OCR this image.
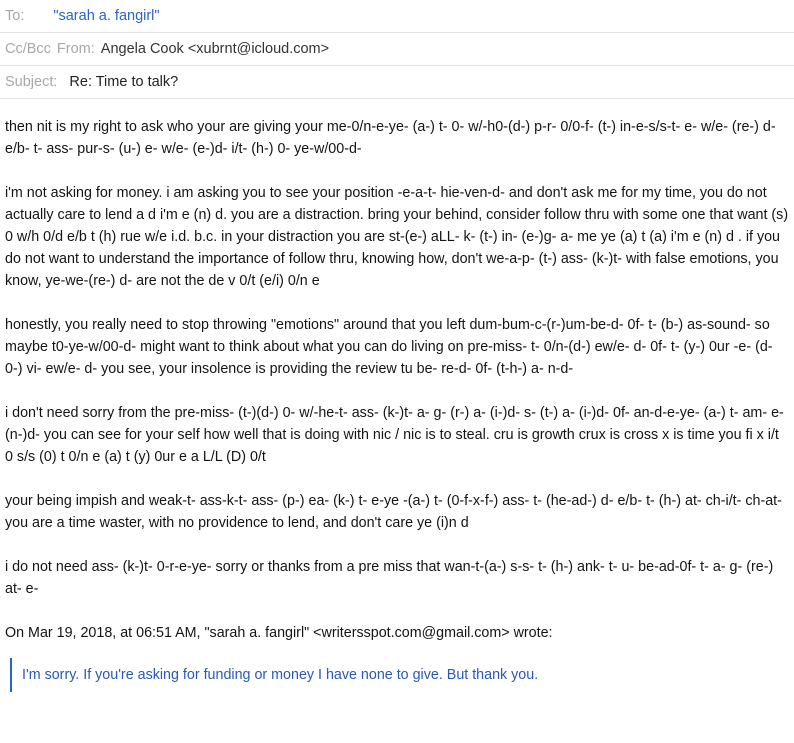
To: "sarah a. fangirl"
Cc/Bcc From: Angela Cook <xubrnt@icloud.com>
Subject: Re: Time to talk?

then nit is my right to ask who your are giving your me-0/n-e-ye- (a-) t- 0- w/-h0-(d-) p-r- 0/0-f- (t-) in-e-s/s-t- e- w/e- (re-) d- e/b- t- ass- pur-s- (u-) e- w/e- (e-)d- i/t- (h-) 0- ye-w/00-d-

i'm not asking for money. i am asking you to see your position -e-a-t- hie-ven-d- and don't ask me for my time, you do not actually care to lend a d i'm e (n) d. you are a distraction. bring your behind, consider follow thru with some one that want (s) 0 w/h 0/d e/b t (h) rue w/e i.d. b.c. in your distraction you are st-(e-) aLL- k- (t-) in- (e-)g- a- me ye (a) t (a) i'm e (n) d . if you do not want to understand the importance of follow thru, knowing how, don't we-a-p- (t-) ass- (k-)t- with false emotions, you know, ye-we-(re-) d- are not the de v 0/t (e/i) 0/n e

honestly, you really need to stop throwing "emotions" around that you left dum-bum-c-(r-)um-be-d- 0f- t- (b-) as-sound- so maybe t0-ye-w/00-d- might want to think about what you can do living on pre-miss- t- 0/n-(d-) ew/e- d- 0f- t- (y-) 0ur -e- (d-0-) vi- ew/e- d- you see, your insolence is providing the review tu be- re-d- 0f- (t-h-) a- n-d-

i don't need sorry from the pre-miss- (t-)(d-) 0- w/-he-t- ass- (k-)t- a- g- (r-) a- (i-)d- s- (t-) a- (i-)d- 0f- an-d-e-ye- (a-) t- am- e- (n-)d- you can see for your self how well that is doing with nic / nic is to steal. cru is growth crux is cross x is time you fi x i/t 0 s/s (0) t 0/n e (a) t (y) 0ur e a L/L (D) 0/t

your being impish and weak-t- ass-k-t- ass- (p-) ea- (k-) t- e-ye -(a-) t- (0-f-x-f-) ass- t- (he-ad-) d- e/b- t- (h-) at- ch-i/t- ch-at- you are a time waster, with no providence to lend, and don't care ye (i)n d

i do not need ass- (k-)t- 0-r-e-ye- sorry or thanks from a pre miss that wan-t-(a-) s-s- t- (h-) ank- t- u- be-ad-0f- t- a- g- (re-) at- e-

On Mar 19, 2018, at 06:51 AM, "sarah a. fangirl" <writersspot.com@gmail.com> wrote:

I'm sorry. If you're asking for funding or money I have none to give. But thank you.
